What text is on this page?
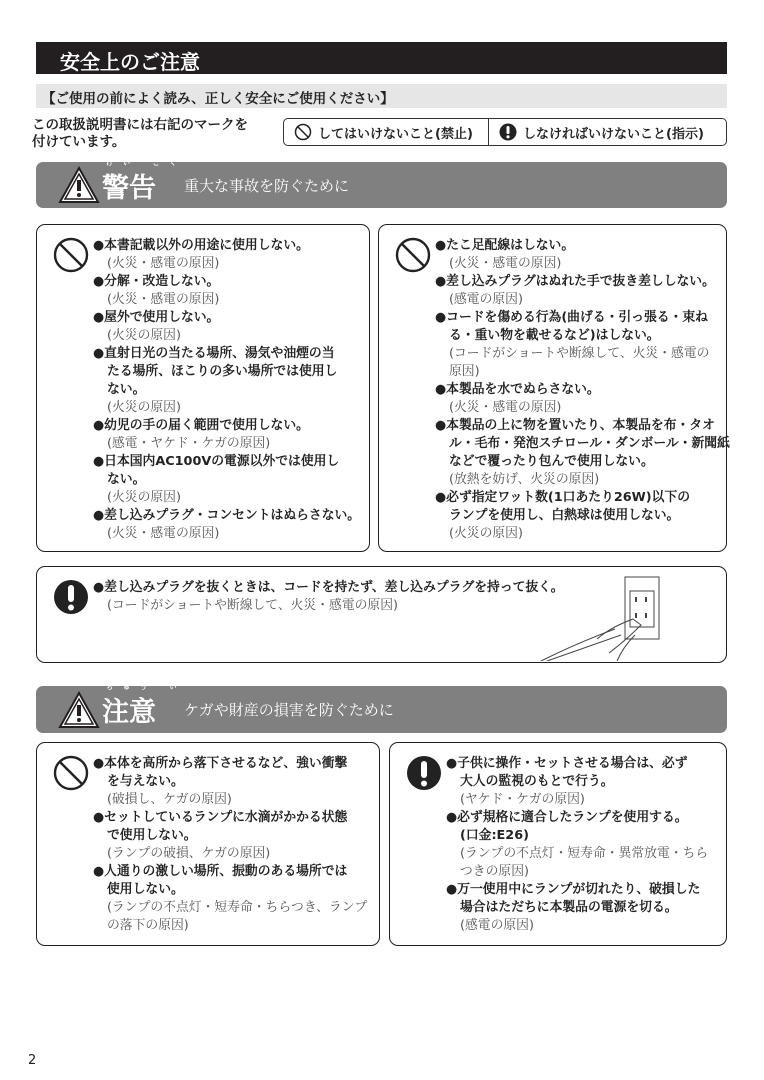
安全上のご注意
【ご使用の前によく読み、正しく安全にご使用ください】
この取扱説明書には右記のマークを
付けています。	してはいけないこと(禁止)	しなければいけないこと(指示)
けい こく
警告 重大な事故を防ぐために
●本書記載以外の用途に使用しない。
(火災・感電の原因)
●分解・改造しない。
(火災・感電の原因)
●屋外で使用しない。
(火災の原因)
●直射日光の当たる場所、湯気や油煙の当
たる場所、ほこりの多い場所では使用し
ない。
(火災の原因)
●幼児の手の届く範囲で使用しない。
(感電・ヤケド・ケガの原因)
●日本国内AC100Vの電源以外では使用し
ない。
(火災の原因)
●差し込みプラグ・コンセントはぬらさない。
(火災・感電の原因)
●たこ足配線はしない。
(火災・感電の原因)
●差し込みプラグはぬれた手で抜き差ししない。
(感電の原因)
●コードを傷める行為(曲げる・引っ張る・束ね
る・重い物を載せるなど)はしない。
(コードがショートや断線して、火災・感電の
原因)
●本製品を水でぬらさない。
(火災・感電の原因)
●本製品の上に物を置いたり、本製品を布・タオ
ル・毛布・発泡スチロール・ダンボール・新聞紙
などで覆ったり包んで使用しない。
(放熱を妨げ、火災の原因)
●必ず指定ワット数(1口あたり26W)以下の
ランプを使用し、白熱球は使用しない。
(火災の原因)
●差し込みプラグを抜くときは、コードを持たず、差し込みプラグを持って抜く。
(コードがショートや断線して、火災・感電の原因)
ちゅう い
注意 ケガや財産の損害を防ぐために
●本体を高所から落下させるなど、強い衝撃
を与えない。
(破損し、ケガの原因)
●セットしているランプに水滴がかかる状態
で使用しない。
(ランプの破損、ケガの原因)
●人通りの激しい場所、振動のある場所では
使用しない。
(ランプの不点灯・短寿命・ちらつき、ランプ
の落下の原因)
●子供に操作・セットさせる場合は、必ず
大人の監視のもとで行う。
(ヤケド・ケガの原因)
●必ず規格に適合したランプを使用する。
(口金:E26)
(ランプの不点灯・短寿命・異常放電・ちら
つきの原因)
●万一使用中にランプが切れたり、破損した
場合はただちに本製品の電源を切る。
(感電の原因)
2
